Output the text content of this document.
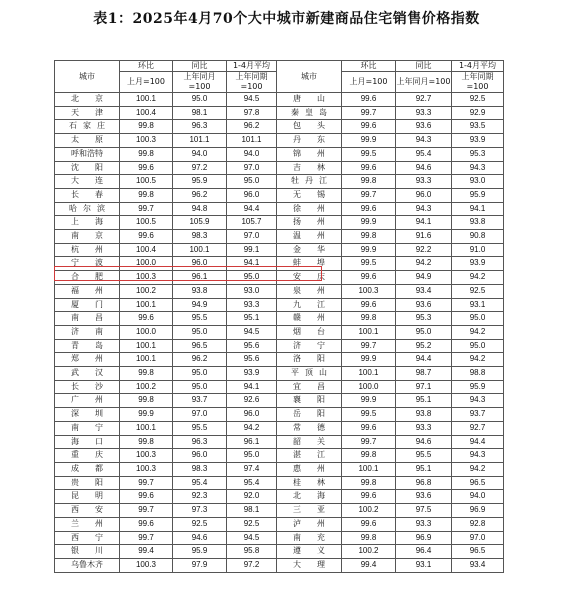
表1：2025年4月70个大中城市新建商品住宅销售价格指数
城市	环比	同比	1-4月平均	城市	环比	同比	1-4月平均
	上月=100	上年同月=100	上年同期=100		上月=100	上年同月=100	上年同期=100
北京	100.1	95.0	94.5	唐山	99.6	92.7	92.5
天津	100.4	98.1	97.8	秦皇岛	99.7	93.3	92.9
石家庄	99.8	96.3	96.2	包头	99.6	93.6	93.5
太原	100.3	101.1	101.1	丹东	99.9	94.3	93.9
呼和浩特	99.8	94.0	94.0	锦州	99.5	95.4	95.3
沈阳	99.6	97.2	97.0	吉林	99.6	94.6	94.3
大连	100.5	95.9	95.0	牡丹江	99.8	93.3	93.0
长春	99.8	96.2	96.0	无锡	99.7	96.0	95.9
哈尔滨	99.7	94.8	94.4	徐州	99.6	94.3	94.1
上海	100.5	105.9	105.7	扬州	99.9	94.1	93.8
南京	99.6	98.3	97.0	温州	99.8	91.6	90.8
杭州	100.4	100.1	99.1	金华	99.9	92.2	91.0
宁波	100.0	96.0	94.1	蚌埠	99.5	94.2	93.9
合肥	100.3	96.1	95.0	安庆	99.6	94.9	94.2
福州	100.2	93.8	93.0	泉州	100.3	93.4	92.5
厦门	100.1	94.9	93.3	九江	99.6	93.6	93.1
南昌	99.6	95.5	95.1	赣州	99.8	95.3	95.0
济南	100.0	95.0	94.5	烟台	100.1	95.0	94.2
青岛	100.1	96.5	95.6	济宁	99.7	95.2	95.0
郑州	100.1	96.2	95.6	洛阳	99.9	94.4	94.2
武汉	99.8	95.0	93.9	平顶山	100.1	98.7	98.8
长沙	100.2	95.0	94.1	宜昌	100.0	97.1	95.9
广州	99.8	93.7	92.6	襄阳	99.9	95.1	94.3
深圳	99.9	97.0	96.0	岳阳	99.5	93.8	93.7
南宁	100.1	95.5	94.2	常德	99.6	93.3	92.7
海口	99.8	96.3	96.1	韶关	99.7	94.6	94.4
重庆	100.3	96.0	95.0	湛江	99.8	95.5	94.3
成都	100.3	98.3	97.4	惠州	100.1	95.1	94.2
贵阳	99.7	95.4	95.4	桂林	99.8	96.8	96.5
昆明	99.6	92.3	92.0	北海	99.6	93.6	94.0
西安	99.7	97.3	98.1	三亚	100.2	97.5	96.9
兰州	99.6	92.5	92.5	泸州	99.6	93.3	92.8
西宁	99.7	94.6	94.5	南充	99.8	96.9	97.0
银川	99.4	95.9	95.8	遵义	100.2	96.4	96.5
乌鲁木齐	100.3	97.9	97.2	大理	99.4	93.1	93.4
